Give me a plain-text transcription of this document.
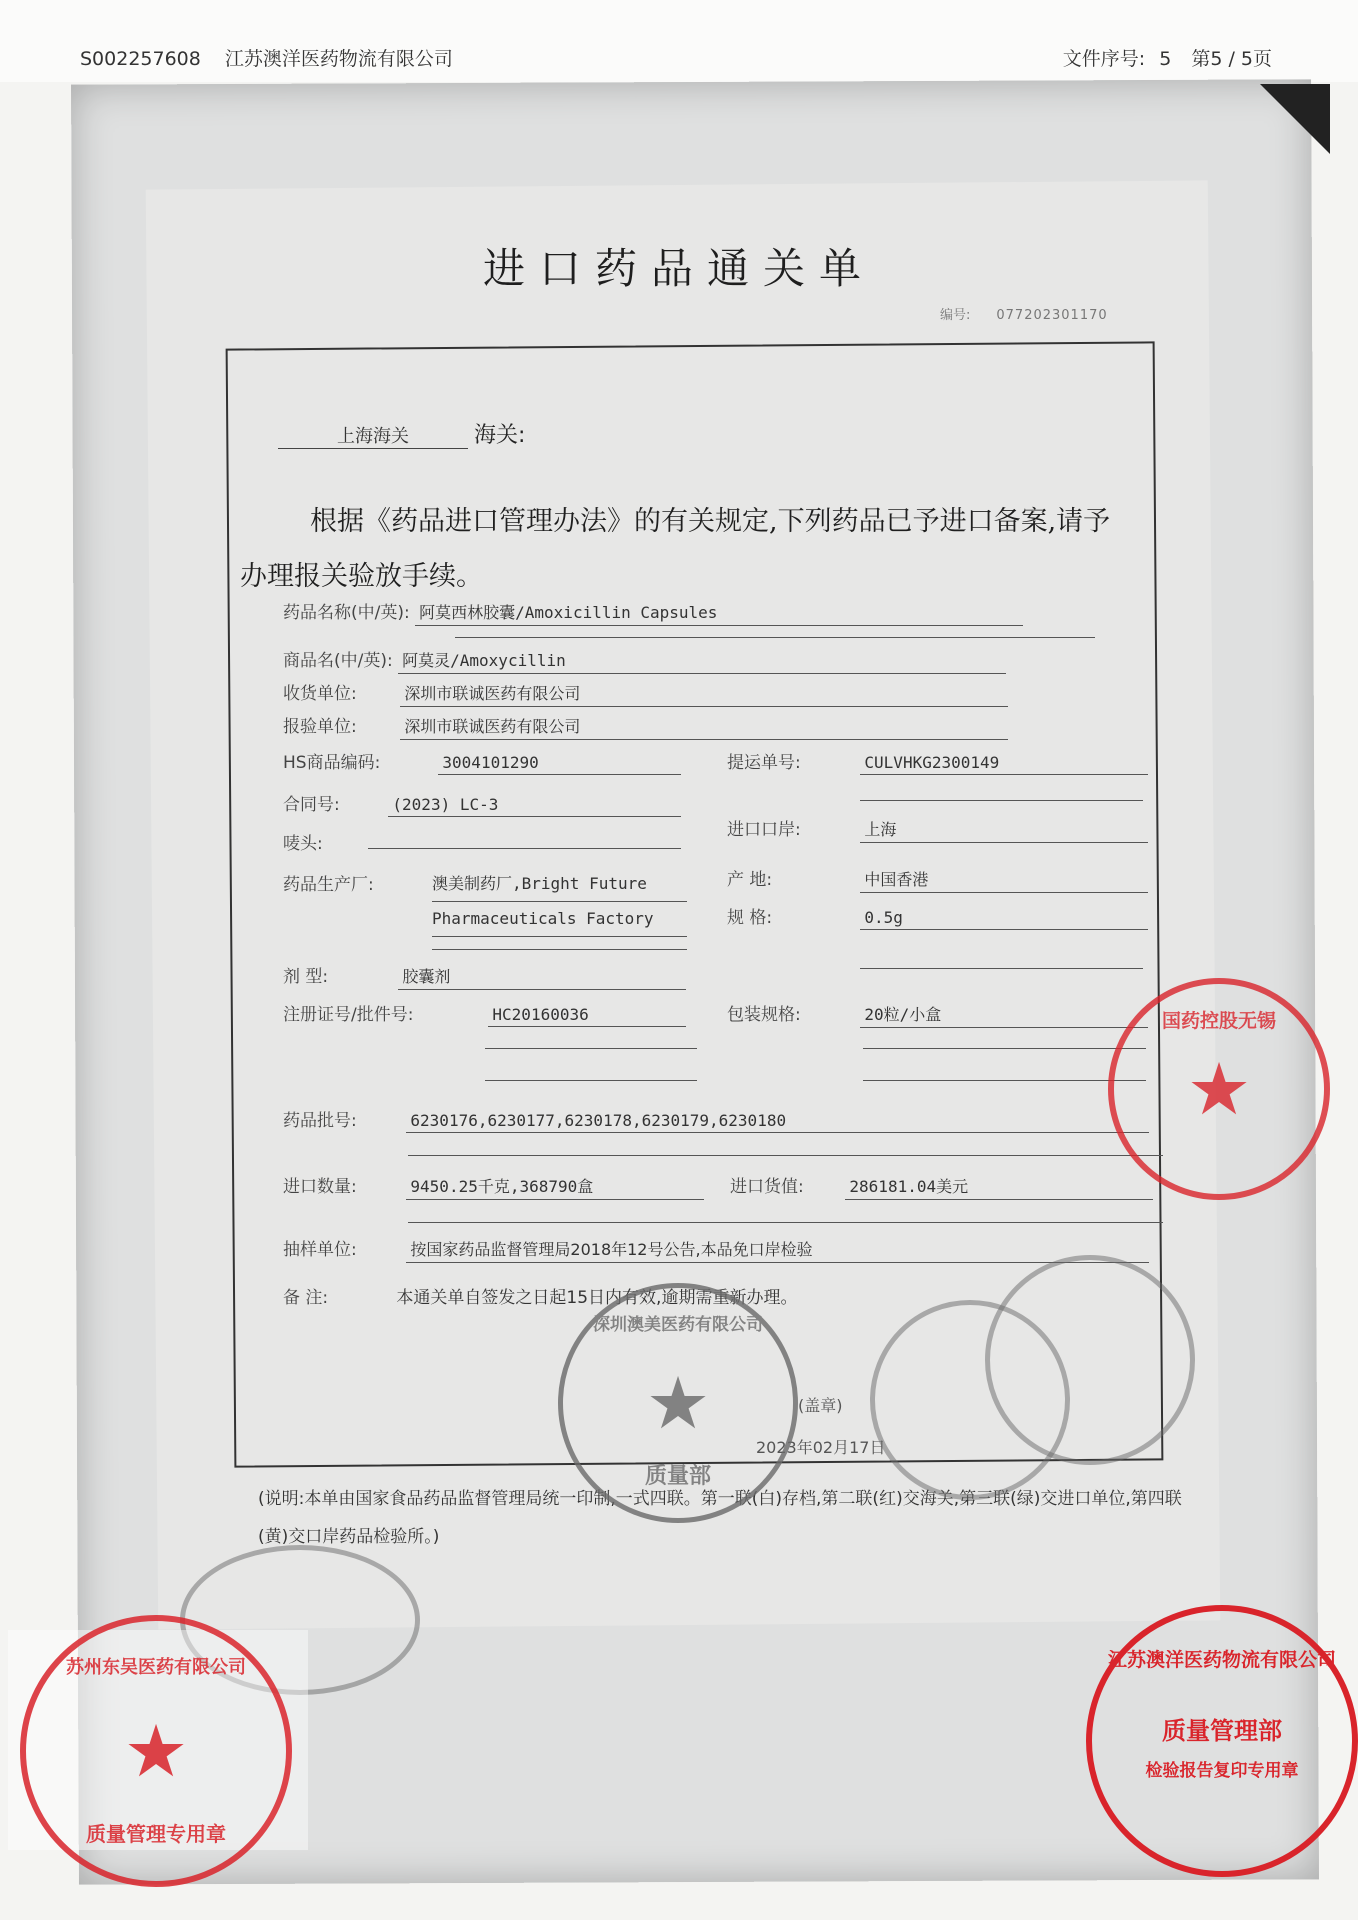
S002257608 江苏澳洋医药物流有限公司	文件序号: 5 第5 / 5页
进口药品通关单
编号: 077202301170
上海海关	海关:
根据《药品进口管理办法》的有关规定,下列药品已予进口备案,请予办理报关验放手续。
药品名称(中/英): 阿莫西林胶囊/Amoxicillin Capsules
商品名(中/英): 阿莫灵/Amoxycillin
收货单位:	深圳市联诚医药有限公司
报验单位:	深圳市联诚医药有限公司
HS商品编码:	3004101290	提运单号:	CULVHKG2300149
合同号:	(2023) LC-3
进口口岸:	上海
唛头:
药品生产厂:	澳美制药厂,Bright Future
Pharmaceuticals Factory
产 地:	中国香港
规 格:	0.5g
剂 型:	胶囊剂
注册证号/批件号:	HC20160036	包装规格:	20粒/小盒
药品批号:	6230176,6230177,6230178,6230179,6230180
进口数量:	9450.25千克,368790盒	进口货值:	286181.04美元
抽样单位:	按国家药品监督管理局2018年12号公告,本品免口岸检验
备 注:	本通关单自签发之日起15日内有效,逾期需重新办理。
(盖章)
2023年02月17日
(说明:本单由国家食品药品监督管理局统一印制,一式四联。第一联(白)存档,第二联(红)交海关,第三联(绿)交进口单位,第四联(黄)交口岸药品检验所。)
★
国药控股无锡
★
深圳澳美医药有限公司
质量部
江苏澳洋医药物流有限公司
质量管理部
检验报告复印专用章
★
苏州东吴医药有限公司
质量管理专用章
